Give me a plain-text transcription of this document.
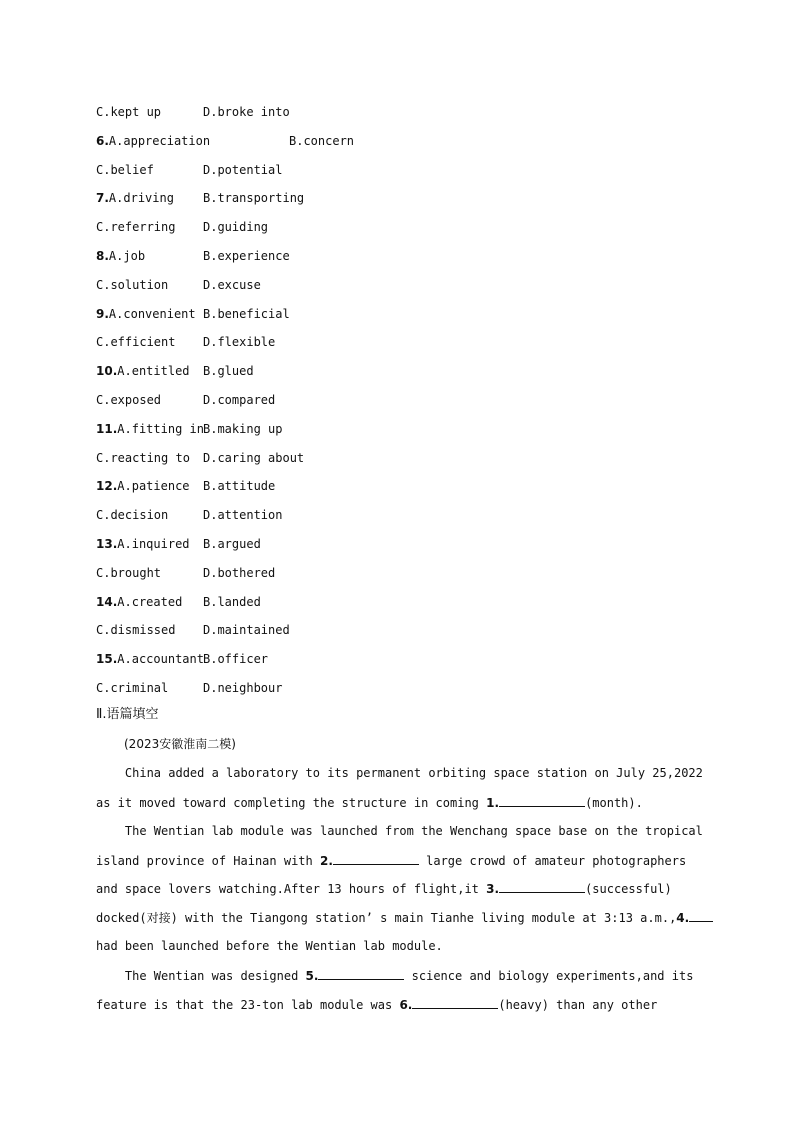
C.kept up	D.broke into
6.A.appreciation	B.concern
C.belief	D.potential
7.A.driving B.transporting
C.referring D.guiding
8.A.job	B.experience
C.solution	D.excuse
9.A.convenient B.beneficial
C.efficient D.flexible
10.A.entitled B.glued
C.exposed	D.compared
11.A.fitting in B.making up
C.reacting to D.caring about
12.A.patience B.attitude
C.decision	D.attention
13.A.inquired B.argued
C.brought	D.bothered
14.A.created B.landed
C.dismissed D.maintained
15.A.accountant B.officer
C.criminal	D.neighbour
Ⅱ.语篇填空
(2023安徽淮南二模)
China added a laboratory to its permanent orbiting space station on July 25,2022
as it moved toward completing the structure in coming 1.	(month).
The Wentian lab module was launched from the Wenchang space base on the tropical
island province of Hainan with 2.	large crowd of amateur photographers
and space lovers watching.After 13 hours of flight,it 3.	(successful)
docked(对接) with the Tiangong station’ s main Tianhe living module at 3:13 a.m.,4.
had been launched before the Wentian lab module.
The Wentian was designed 5.	science and biology experiments,and its
feature is that the 23-ton lab module was 6.	(heavy) than any other
